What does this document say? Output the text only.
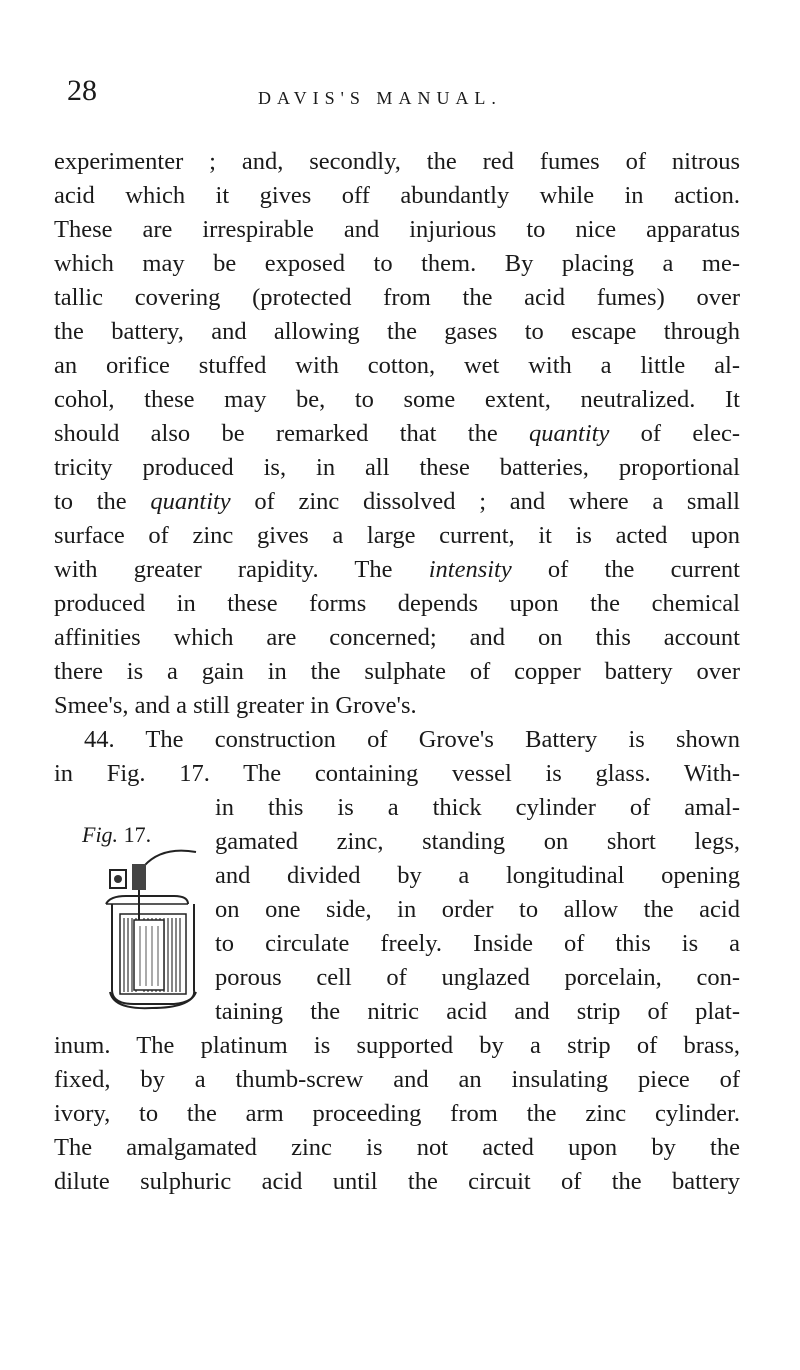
28	DAVIS'S MANUAL.
experimenter ; and, secondly, the red fumes of nitrous
acid which it gives off abundantly while in action.
These are irrespirable and injurious to nice apparatus
which may be exposed to them. By placing a me-
tallic covering (protected from the acid fumes) over
the battery, and allowing the gases to escape through
an orifice stuffed with cotton, wet with a little al-
cohol, these may be, to some extent, neutralized. It
should also be remarked that the quantity of elec-
tricity produced is, in all these batteries, proportional
to the quantity of zinc dissolved ; and where a small
surface of zinc gives a large current, it is acted upon
with greater rapidity. The intensity of the current
produced in these forms depends upon the chemical
affinities which are concerned; and on this account
there is a gain in the sulphate of copper battery over
Smee's, and a still greater in Grove's.
44. The construction of Grove's Battery is shown
in Fig. 17. The containing vessel is glass. With-
in this is a thick cylinder of amal-
gamated zinc, standing on short legs,
and divided by a longitudinal opening
on one side, in order to allow the acid
to circulate freely. Inside of this is a
porous cell of unglazed porcelain, con-
taining the nitric acid and strip of plat-
inum. The platinum is supported by a strip of brass,
fixed, by a thumb-screw and an insulating piece of
ivory, to the arm proceeding from the zinc cylinder.
The amalgamated zinc is not acted upon by the
dilute sulphuric acid until the circuit of the battery
Fig. 17.
